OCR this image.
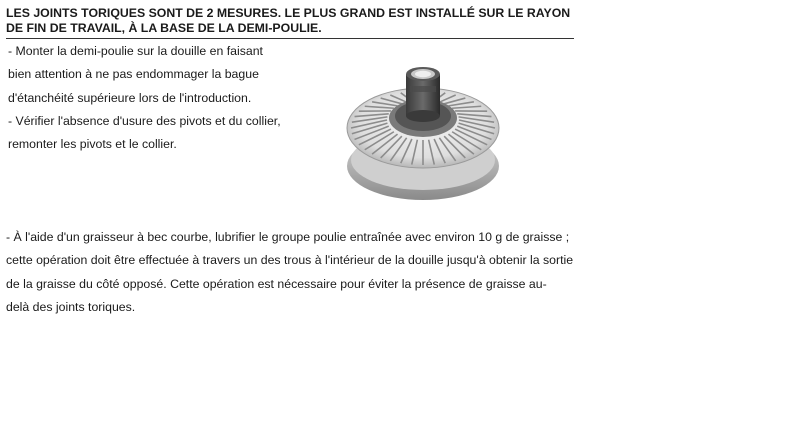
LES JOINTS TORIQUES SONT DE 2 MESURES. LE PLUS GRAND EST INSTALLÉ SUR LE RAYON
DE FIN DE TRAVAIL, À LA BASE DE LA DEMI-POULIE.
- Monter la demi-poulie sur la douille en faisant
bien attention à ne pas endommager la bague
d'étanchéité supérieure lors de l'introduction.
- Vérifier l'absence d'usure des pivots et du collier,
remonter les pivots et le collier.
- À l'aide d'un graisseur à bec courbe, lubrifier le groupe poulie entraînée avec environ 10 g de graisse ;
cette opération doit être effectuée à travers un des trous à l'intérieur de la douille jusqu'à obtenir la sortie
de la graisse du côté opposé. Cette opération est nécessaire pour éviter la présence de graisse au-
delà des joints toriques.
